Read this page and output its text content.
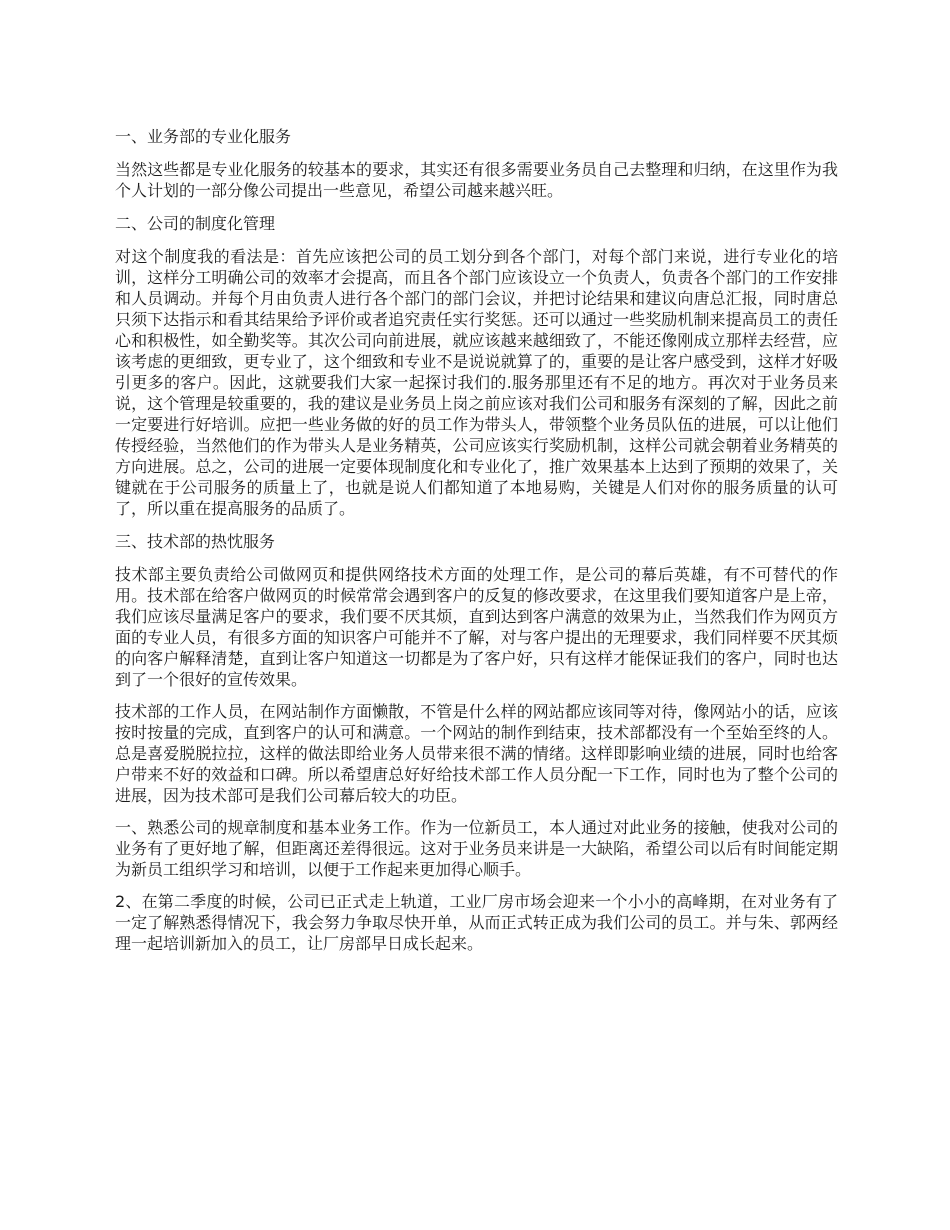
一、业务部的专业化服务
当然这些都是专业化服务的较基本的要求，其实还有很多需要业务员自己去整理和归纳，在这里作为我个人计划的一部分像公司提出一些意见，希望公司越来越兴旺。
二、公司的制度化管理
对这个制度我的看法是：首先应该把公司的员工划分到各个部门，对每个部门来说，进行专业化的培训，这样分工明确公司的效率才会提高，而且各个部门应该设立一个负责人，负责各个部门的工作安排和人员调动。并每个月由负责人进行各个部门的部门会议，并把讨论结果和建议向唐总汇报，同时唐总只须下达指示和看其结果给予评价或者追究责任实行奖惩。还可以通过一些奖励机制来提高员工的责任心和积极性，如全勤奖等。其次公司向前进展，就应该越来越细致了，不能还像刚成立那样去经营，应该考虑的更细致，更专业了，这个细致和专业不是说说就算了的，重要的是让客户感受到，这样才好吸引更多的客户。因此，这就要我们大家一起探讨我们的.服务那里还有不足的地方。再次对于业务员来说，这个管理是较重要的，我的建议是业务员上岗之前应该对我们公司和服务有深刻的了解，因此之前一定要进行好培训。应把一些业务做的好的员工作为带头人，带领整个业务员队伍的进展，可以让他们传授经验，当然他们的作为带头人是业务精英，公司应该实行奖励机制，这样公司就会朝着业务精英的方向进展。总之，公司的进展一定要体现制度化和专业化了，推广效果基本上达到了预期的效果了，关键就在于公司服务的质量上了，也就是说人们都知道了本地易购，关键是人们对你的服务质量的认可了，所以重在提高服务的品质了。
三、技术部的热忱服务
技术部主要负责给公司做网页和提供网络技术方面的处理工作，是公司的幕后英雄，有不可替代的作用。技术部在给客户做网页的时候常常会遇到客户的反复的修改要求，在这里我们要知道客户是上帝，我们应该尽量满足客户的要求，我们要不厌其烦，直到达到客户满意的效果为止，当然我们作为网页方面的专业人员，有很多方面的知识客户可能并不了解，对与客户提出的无理要求，我们同样要不厌其烦的向客户解释清楚，直到让客户知道这一切都是为了客户好，只有这样才能保证我们的客户，同时也达到了一个很好的宣传效果。
技术部的工作人员，在网站制作方面懒散，不管是什么样的网站都应该同等对待，像网站小的话，应该按时按量的完成，直到客户的认可和满意。一个网站的制作到结束，技术部都没有一个至始至终的人。总是喜爱脱脱拉拉，这样的做法即给业务人员带来很不满的情绪。这样即影响业绩的进展，同时也给客户带来不好的效益和口碑。所以希望唐总好好给技术部工作人员分配一下工作，同时也为了整个公司的进展，因为技术部可是我们公司幕后较大的功臣。
一、熟悉公司的规章制度和基本业务工作。作为一位新员工，本人通过对此业务的接触，使我对公司的业务有了更好地了解，但距离还差得很远。这对于业务员来讲是一大缺陷，希望公司以后有时间能定期为新员工组织学习和培训，以便于工作起来更加得心顺手。
2、在第二季度的时候，公司已正式走上轨道，工业厂房市场会迎来一个小小的高峰期，在对业务有了一定了解熟悉得情况下，我会努力争取尽快开单，从而正式转正成为我们公司的员工。并与朱、郭两经理一起培训新加入的员工，让厂房部早日成长起来。
